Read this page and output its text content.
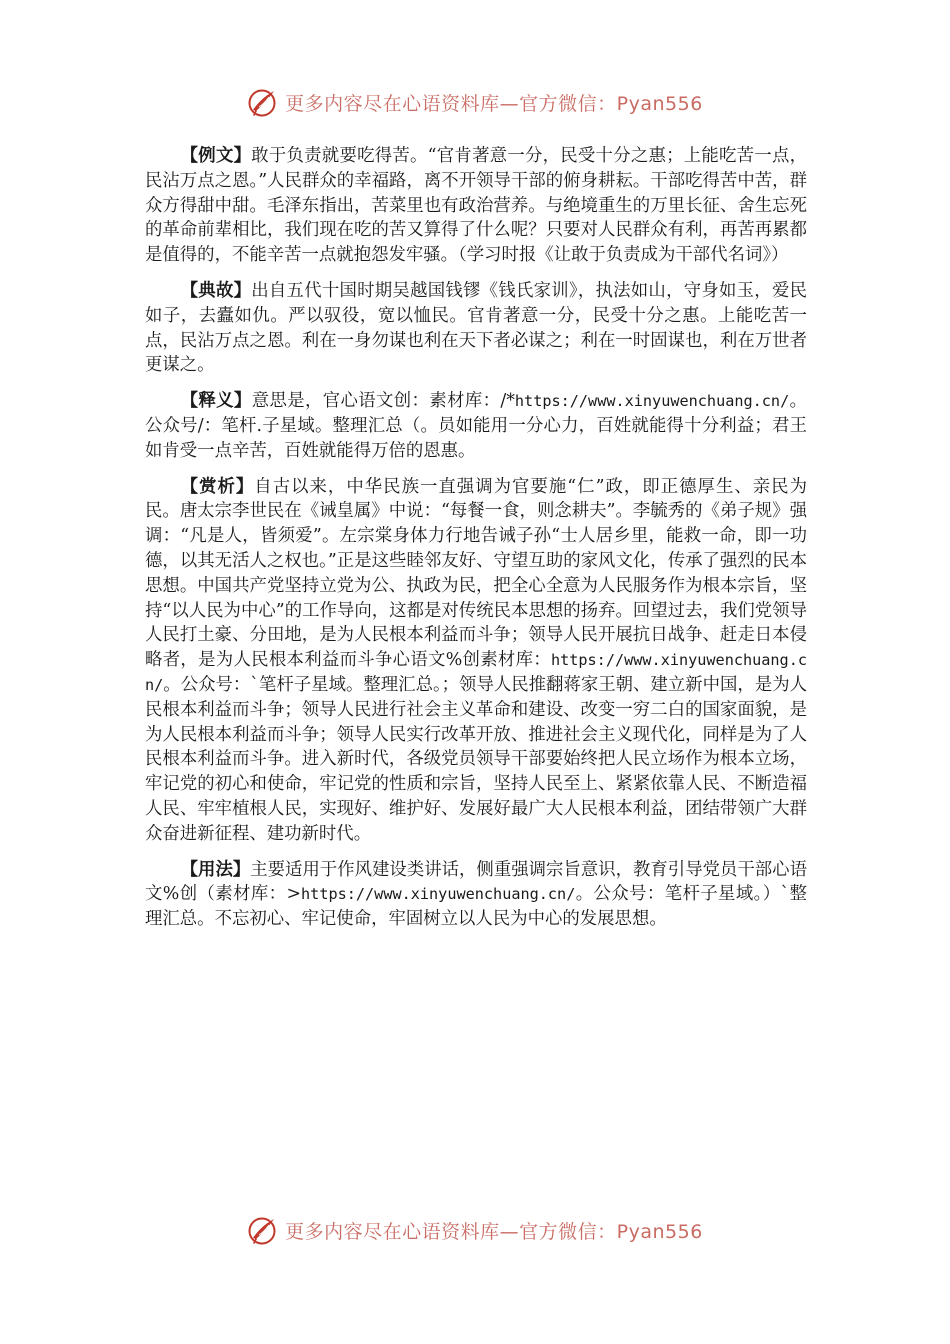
更多内容尽在心语资料库—官方微信：Pyan556

【例文】敢于负责就要吃得苦。“官肯著意一分，民受十分之惠；上能吃苦一点，民沾万点之恩。”人民群众的幸福路，离不开领导干部的俯身耕耘。干部吃得苦中苦，群众方得甜中甜。毛泽东指出，苦菜里也有政治营养。与绝境重生的万里长征、舍生忘死的革命前辈相比，我们现在吃的苦又算得了什么呢？只要对人民群众有利，再苦再累都是值得的，不能辛苦一点就抱怨发牢骚。（学习时报《让敢于负责成为干部代名词》）

【典故】出自五代十国时期吴越国钱镠《钱氏家训》，执法如山，守身如玉，爱民如子，去蠹如仇。严以驭役，宽以恤民。官肯著意一分，民受十分之惠。上能吃苦一点，民沾万点之恩。利在一身勿谋也利在天下者必谋之；利在一时固谋也，利在万世者更谋之。

【释义】意思是，官心语文创：素材库：/*https://www.xinyuwenchuang.cn/。公众号/：笔杆.子星域。整理汇总（。员如能用一分心力，百姓就能得十分利益；君王如肯受一点辛苦，百姓就能得万倍的恩惠。

【赏析】自古以来，中华民族一直强调为官要施“仁”政，即正德厚生、亲民为民。唐太宗李世民在《诫皇属》中说：“每餐一食，则念耕夫”。李毓秀的《弟子规》强调：“凡是人，皆须爱”。左宗棠身体力行地告诫子孙“士人居乡里，能救一命，即一功德，以其无活人之权也。”正是这些睦邻友好、守望互助的家风文化，传承了强烈的民本思想。中国共产党坚持立党为公、执政为民，把全心全意为人民服务作为根本宗旨，坚持“以人民为中心”的工作导向，这都是对传统民本思想的扬弃。回望过去，我们党领导人民打土豪、分田地，是为人民根本利益而斗争；领导人民开展抗日战争、赶走日本侵略者，是为人民根本利益而斗争心语文%创素材库：https://www.xinyuwenchuang.cn/。公众号：`笔杆子星域。整理汇总。；领导人民推翻蒋家王朝、建立新中国，是为人民根本利益而斗争；领导人民进行社会主义革命和建设、改变一穷二白的国家面貌，是为人民根本利益而斗争；领导人民实行改革开放、推进社会主义现代化，同样是为了人民根本利益而斗争。进入新时代，各级党员领导干部要始终把人民立场作为根本立场，牢记党的初心和使命，牢记党的性质和宗旨，坚持人民至上、紧紧依靠人民、不断造福人民、牢牢植根人民，实现好、维护好、发展好最广大人民根本利益，团结带领广大群众奋进新征程、建功新时代。

【用法】主要适用于作风建设类讲话，侧重强调宗旨意识，教育引导党员干部心语文%创（素材库：>https://www.xinyuwenchuang.cn/。公众号：笔杆子星域。）`整理汇总。不忘初心、牢记使命，牢固树立以人民为中心的发展思想。

更多内容尽在心语资料库—官方微信：Pyan556
